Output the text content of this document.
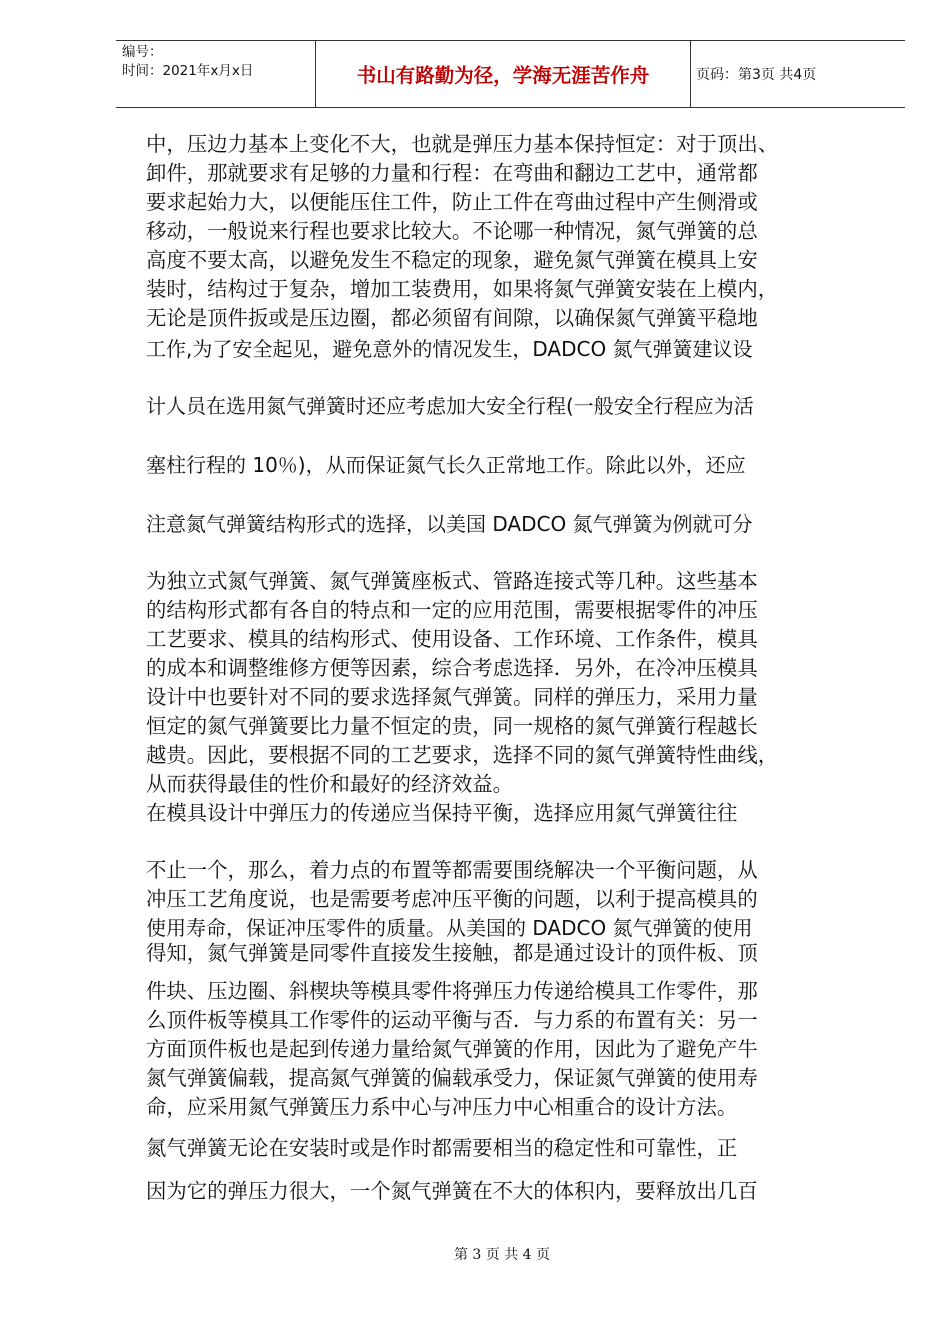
编号：
时间：2021年x月x日	书山有路勤为径，学海无涯苦作舟	页码：第3页 共4页
中，压边力基本上变化不大，也就是弹压力基本保持恒定：对于顶出、
卸件，那就要求有足够的力量和行程：在弯曲和翻边工艺中，通常都
要求起始力大，以便能压住工件，防止工件在弯曲过程中产生侧滑或
移动，一般说来行程也要求比较大。不论哪一种情况，氮气弹簧的总
高度不要太高，以避免发生不稳定的现象，避免氮气弹簧在模具上安
装时，结构过于复杂，增加工装费用，如果将氮气弹簧安装在上模内，
无论是顶件扳或是压边圈，都必须留有间隙，以确保氮气弹簧平稳地
工作,为了安全起见，避免意外的情况发生，DADCO 氮气弹簧建议设
计人员在选用氮气弹簧时还应考虑加大安全行程(一般安全行程应为活
塞柱行程的 10％)，从而保证氮气长久正常地工作。除此以外，还应
注意氮气弹簧结构形式的选择，以美国 DADCO 氮气弹簧为例就可分
为独立式氮气弹簧、氮气弹簧座板式、管路连接式等几种。这些基本
的结构形式都有各自的特点和一定的应用范围，需要根据零件的冲压
工艺要求、模具的结构形式、使用设备、工作环境、工作条件，模具
的成本和调整维修方便等因素，综合考虑选择．另外，在冷冲压模具
设计中也要针对不同的要求选择氮气弹簧。同样的弹压力，采用力量
恒定的氮气弹簧要比力量不恒定的贵，同一规格的氮气弹簧行程越长
越贵。因此，要根据不同的工艺要求，选择不同的氮气弹簧特性曲线，
从而获得最佳的性价和最好的经济效益。
在模具设计中弹压力的传递应当保持平衡，选择应用氮气弹簧往往
不止一个，那么，着力点的布置等都需要围绕解决一个平衡问题，从
冲压工艺角度说，也是需要考虑冲压平衡的问题，以利于提高模具的
使用寿命，保证冲压零件的质量。从美国的 DADCO 氮气弹簧的使用
得知，氮气弹簧是同零件直接发生接触，都是通过设计的顶件板、顶
件块、压边圈、斜楔块等模具零件将弹压力传递给模具工作零件，那
么顶件板等模具工作零件的运动平衡与否．与力系的布置有关：另一
方面顶件板也是起到传递力量给氮气弹簧的作用，因此为了避免产牛
氮气弹簧偏载，提高氮气弹簧的偏载承受力，保证氮气弹簧的使用寿
命，应采用氮气弹簧压力系中心与冲压力中心相重合的设计方法。
氮气弹簧无论在安装时或是作时都需要相当的稳定性和可靠性，正
因为它的弹压力很大，一个氮气弹簧在不大的体积内，要释放出几百
第 3 页 共 4 页
